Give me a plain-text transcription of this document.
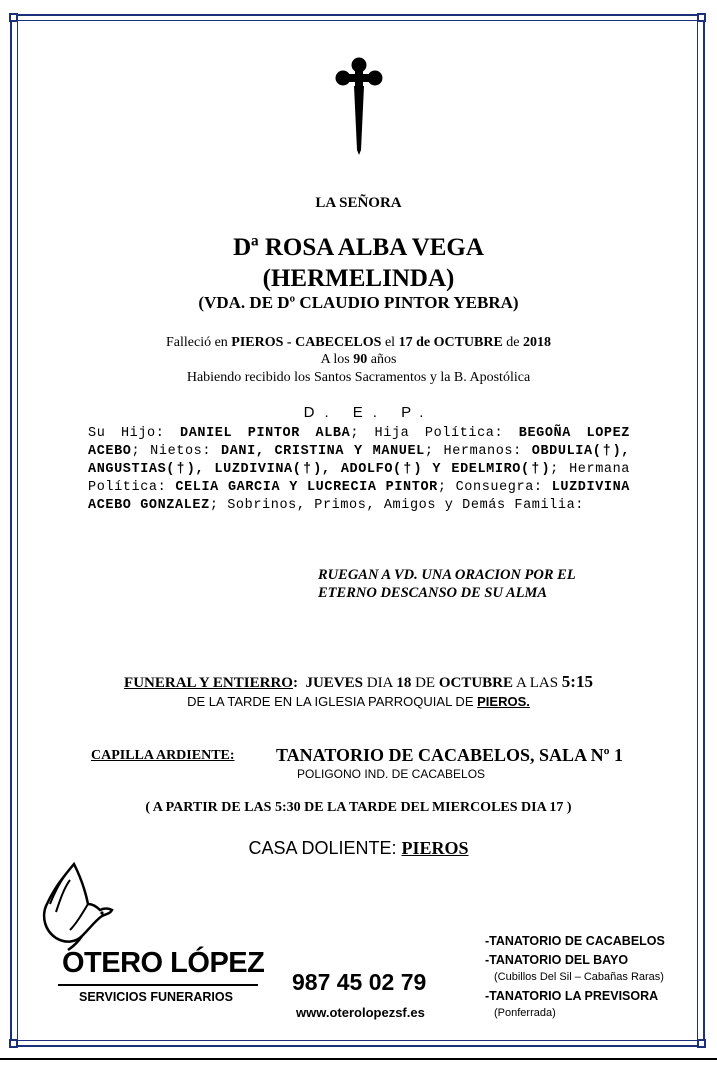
LA SEÑORA
Dª ROSA ALBA VEGA
(HERMELINDA)
(VDA. DE Dº CLAUDIO PINTOR YEBRA)
Falleció en PIEROS - CABECELOS el 17 de OCTUBRE de 2018
A los 90 años
Habiendo recibido los Santos Sacramentos y la B. Apostólica
D. E. P.
Su Hijo: DANIEL PINTOR ALBA; Hija Política: BEGOÑA LOPEZ ACEBO; Nietos: DANI, CRISTINA Y MANUEL; Hermanos: OBDULIA(†), ANGUSTIAS(†), LUZDIVINA(†), ADOLFO(†) Y EDELMIRO(†); Hermana Política: CELIA GARCIA Y LUCRECIA PINTOR; Consuegra: LUZDIVINA ACEBO GONZALEZ; Sobrinos, Primos, Amigos y Demás Familia:
RUEGAN A VD. UNA ORACION POR EL
ETERNO DESCANSO DE SU ALMA
FUNERAL Y ENTIERRO: JUEVES DIA 18 DE OCTUBRE A LAS 5:15
DE LA TARDE EN LA IGLESIA PARROQUIAL DE PIEROS.
CAPILLA ARDIENTE: TANATORIO DE CACABELOS, SALA Nº 1
POLIGONO IND. DE CACABELOS
( A PARTIR DE LAS 5:30 DE LA TARDE DEL MIERCOLES DIA 17 )
CASA DOLIENTE: PIEROS
OTERO LÓPEZ
SERVICIOS FUNERARIOS
987 45 02 79
www.oterolopezsf.es
-TANATORIO DE CACABELOS
-TANATORIO DEL BAYO
(Cubillos Del Sil – Cabañas Raras)
-TANATORIO LA PREVISORA
(Ponferrada)
